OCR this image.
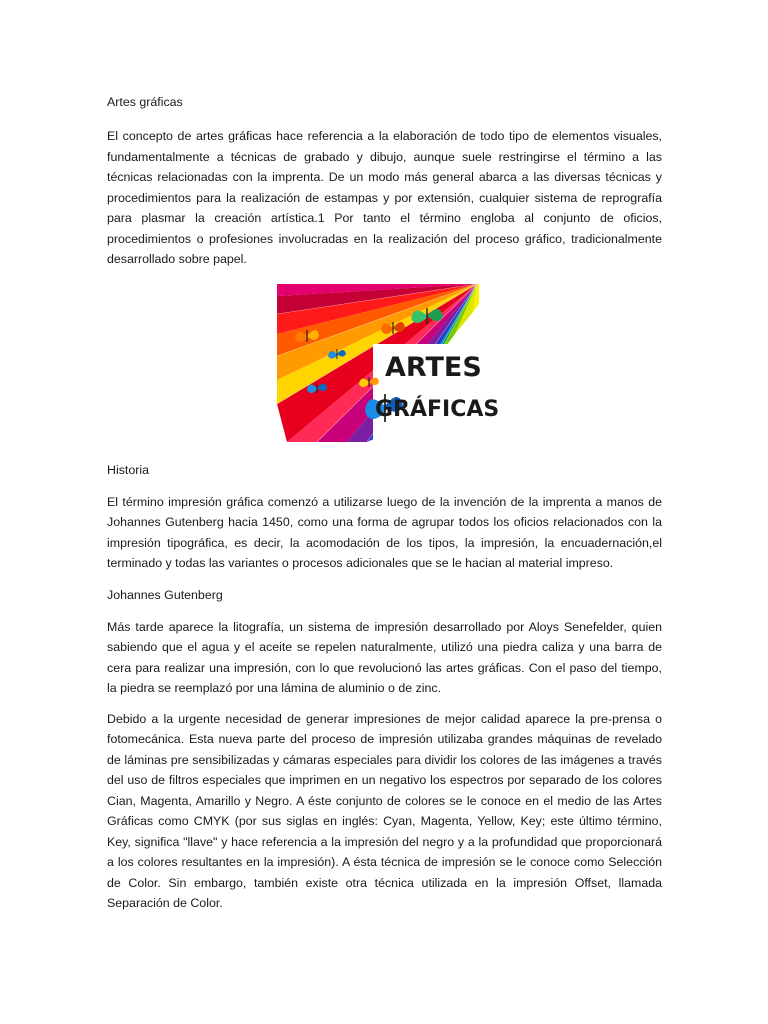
Artes gráficas

El concepto de artes gráficas hace referencia a la elaboración de todo tipo de elementos visuales, fundamentalmente a técnicas de grabado y dibujo, aunque suele restringirse el término a las técnicas relacionadas con la imprenta. De un modo más general abarca a las diversas técnicas y procedimientos para la realización de estampas y por extensión, cualquier sistema de reprografía para plasmar la creación artística.1 Por tanto el término engloba al conjunto de oficios, procedimientos o profesiones involucradas en la realización del proceso gráfico, tradicionalmente desarrollado sobre papel.

ARTES
GRÁFICAS
Historia

El término impresión gráfica comenzó a utilizarse luego de la invención de la imprenta a manos de Johannes Gutenberg hacia 1450, como una forma de agrupar todos los oficios relacionados con la impresión tipográfica, es decir, la acomodación de los tipos, la impresión, la encuadernación,el terminado y todas las variantes o procesos adicionales que se le hacian al material impreso.

Johannes Gutenberg

Más tarde aparece la litografía, un sistema de impresión desarrollado por Aloys Senefelder, quien sabiendo que el agua y el aceite se repelen naturalmente, utilizó una piedra caliza y una barra de cera para realizar una impresión, con lo que revolucionó las artes gráficas. Con el paso del tiempo, la piedra se reemplazó por una lámina de aluminio o de zinc.

Debido a la urgente necesidad de generar impresiones de mejor calidad aparece la pre-prensa o fotomecánica. Esta nueva parte del proceso de impresión utilizaba grandes máquinas de revelado de láminas pre sensibilizadas y cámaras especiales para dividir los colores de las imágenes a través del uso de filtros especiales que imprimen en un negativo los espectros por separado de los colores Cian, Magenta, Amarillo y Negro. A éste conjunto de colores se le conoce en el medio de las Artes Gráficas como CMYK (por sus siglas en inglés: Cyan, Magenta, Yellow, Key; este último término, Key, significa "llave" y hace referencia a la impresión del negro y a la profundidad que proporcionará a los colores resultantes en la impresión). A ésta técnica de impresión se le conoce como Selección de Color. Sin embargo, también existe otra técnica utilizada en la impresión Offset, llamada Separación de Color.
